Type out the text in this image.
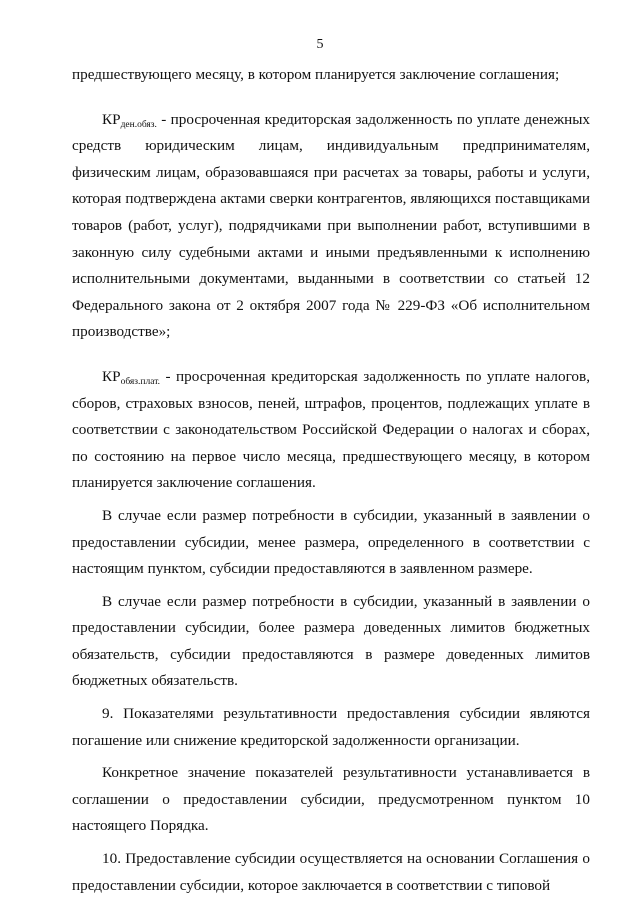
5

предшествующего месяцу, в котором планируется заключение соглашения;

КРден.обяз. - просроченная кредиторская задолженность по уплате денежных средств юридическим лицам, индивидуальным предпринимателям, физическим лицам, образовавшаяся при расчетах за товары, работы и услуги, которая подтверждена актами сверки контрагентов, являющихся поставщиками товаров (работ, услуг), подрядчиками при выполнении работ, вступившими в законную силу судебными актами и иными предъявленными к исполнению исполнительными документами, выданными в соответствии со статьей 12 Федерального закона от 2 октября 2007 года № 229-ФЗ «Об исполнительном производстве»;

КРобяз.плат. - просроченная кредиторская задолженность по уплате налогов, сборов, страховых взносов, пеней, штрафов, процентов, подлежащих уплате в соответствии с законодательством Российской Федерации о налогах и сборах, по состоянию на первое число месяца, предшествующего месяцу, в котором планируется заключение соглашения.

В случае если размер потребности в субсидии, указанный в заявлении о предоставлении субсидии, менее размера, определенного в соответствии с настоящим пунктом, субсидии предоставляются в заявленном размере.

В случае если размер потребности в субсидии, указанный в заявлении о предоставлении субсидии, более размера доведенных лимитов бюджетных обязательств, субсидии предоставляются в размере доведенных лимитов бюджетных обязательств.

9. Показателями результативности предоставления субсидии являются погашение или снижение кредиторской задолженности организации.

Конкретное значение показателей результативности устанавливается в соглашении о предоставлении субсидии, предусмотренном пунктом 10 настоящего Порядка.

10. Предоставление субсидии осуществляется на основании Соглашения о предоставлении субсидии, которое заключается в соответствии с типовой
